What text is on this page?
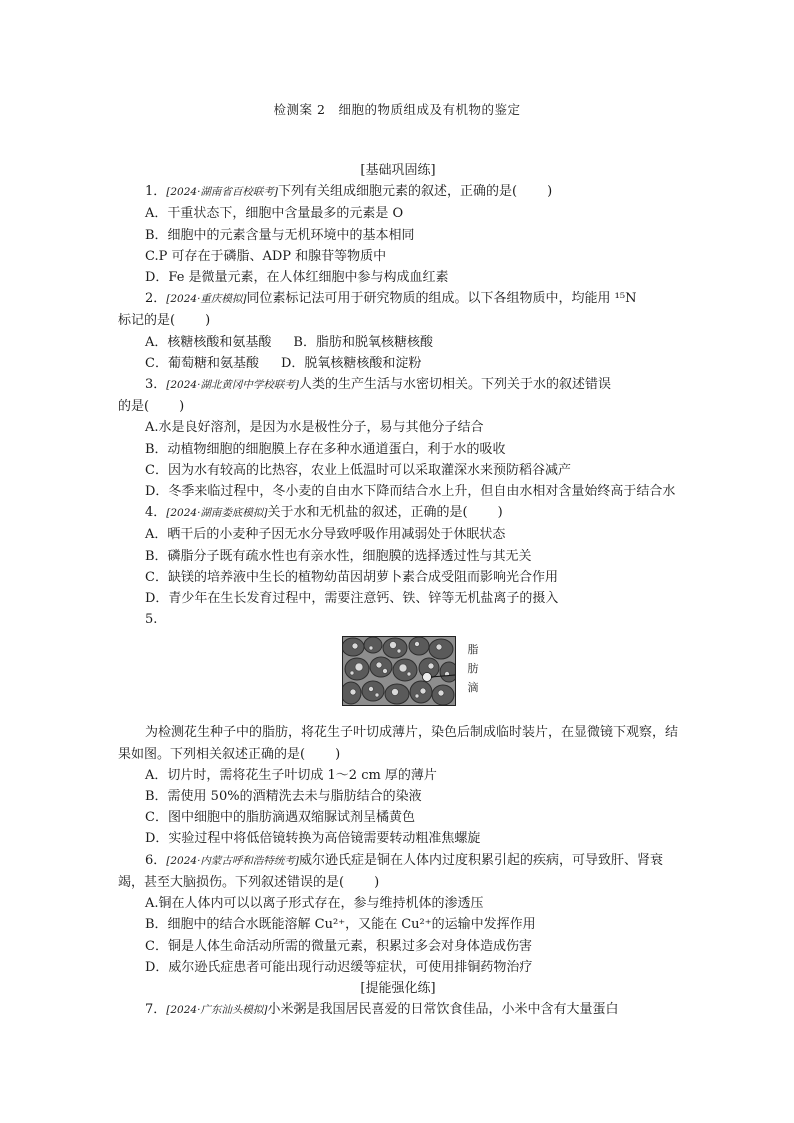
检测案 2　细胞的物质组成及有机物的鉴定

[基础巩固练]

1．[2024·湖南省百校联考]下列有关组成细胞元素的叙述，正确的是( )

A．干重状态下，细胞中含量最多的元素是 O

B．细胞中的元素含量与无机环境中的基本相同

C.P 可存在于磷脂、ADP 和腺苷等物质中

D．Fe 是微量元素，在人体红细胞中参与构成血红素

2．[2024·重庆模拟]同位素标记法可用于研究物质的组成。以下各组物质中，均能用 ¹⁵N

标记的是( )

A．核糖核酸和氨基酸 B．脂肪和脱氧核糖核酸

C．葡萄糖和氨基酸 D．脱氧核糖核酸和淀粉

3．[2024·湖北黄冈中学校联考]人类的生产生活与水密切相关。下列关于水的叙述错误

的是( )

A.水是良好溶剂，是因为水是极性分子，易与其他分子结合

B．动植物细胞的细胞膜上存在多种水通道蛋白，利于水的吸收

C．因为水有较高的比热容，农业上低温时可以采取灌深水来预防稻谷减产

D．冬季来临过程中，冬小麦的自由水下降而结合水上升，但自由水相对含量始终高于结合水

4．[2024·湖南娄底模拟]关于水和无机盐的叙述，正确的是( )

A．晒干后的小麦种子因无水分导致呼吸作用减弱处于休眠状态

B．磷脂分子既有疏水性也有亲水性，细胞膜的选择透过性与其无关

C．缺镁的培养液中生长的植物幼苗因胡萝卜素合成受阻而影响光合作用

D．青少年在生长发育过程中，需要注意钙、铁、锌等无机盐离子的摄入

5.

脂
肪
滴

为检测花生种子中的脂肪，将花生子叶切成薄片，染色后制成临时装片，在显微镜下观察，结果如图。下列相关叙述正确的是( )

A．切片时，需将花生子叶切成 1～2 cm 厚的薄片

B．需使用 50%的酒精洗去未与脂肪结合的染液

C．图中细胞中的脂肪滴遇双缩脲试剂呈橘黄色

D．实验过程中将低倍镜转换为高倍镜需要转动粗准焦螺旋

6．[2024·内蒙古呼和浩特统考]威尔逊氏症是铜在人体内过度积累引起的疾病，可导致肝、肾衰竭，甚至大脑损伤。下列叙述错误的是( )

A.铜在人体内可以以离子形式存在，参与维持机体的渗透压

B．细胞中的结合水既能溶解 Cu²⁺，又能在 Cu²⁺的运输中发挥作用

C．铜是人体生命活动所需的微量元素，积累过多会对身体造成伤害

D．威尔逊氏症患者可能出现行动迟缓等症状，可使用排铜药物治疗

[提能强化练]

7．[2024·广东汕头模拟]小米粥是我国居民喜爱的日常饮食佳品，小米中含有大量蛋白
